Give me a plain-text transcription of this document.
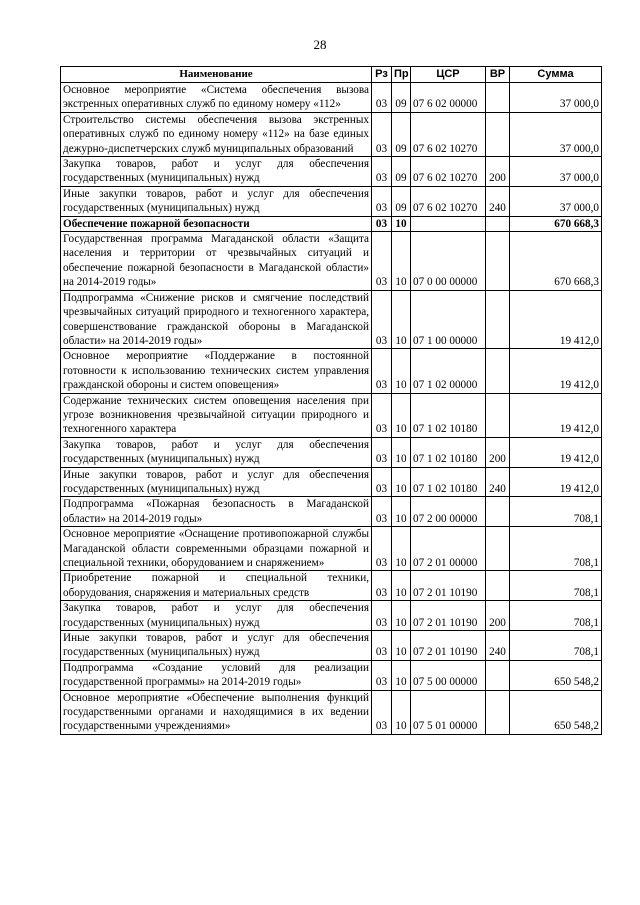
28
Наименование	Рз	Пр	ЦСР	ВР	Сумма
Основное мероприятие «Система обеспечения вызова экстренных оперативных служб по единому номеру «112»	03	09	07 6 02 00000		37 000,0
Строительство системы обеспечения вызова экстренных оперативных служб по единому номеру «112» на базе единых дежурно-диспетчерских служб муниципальных образований	03	09	07 6 02 10270		37 000,0
Закупка товаров, работ и услуг для обеспечения государственных (муниципальных) нужд	03	09	07 6 02 10270	200	37 000,0
Иные закупки товаров, работ и услуг для обеспечения государственных (муниципальных) нужд	03	09	07 6 02 10270	240	37 000,0
Обеспечение пожарной безопасности	03	10			670 668,3
Государственная программа Магаданской области «Защита населения и территории от чрезвычайных ситуаций и обеспечение пожарной безопасности в Магаданской области» на 2014-2019 годы»	03	10	07 0 00 00000		670 668,3
Подпрограмма «Снижение рисков и смягчение последствий чрезвычайных ситуаций природного и техногенного характера, совершенствование гражданской обороны в Магаданской области» на 2014-2019 годы»	03	10	07 1 00 00000		19 412,0
Основное мероприятие «Поддержание в постоянной готовности к использованию технических систем управления гражданской обороны и систем оповещения»	03	10	07 1 02 00000		19 412,0
Содержание технических систем оповещения населения при угрозе возникновения чрезвычайной ситуации природного и техногенного характера	03	10	07 1 02 10180		19 412,0
Закупка товаров, работ и услуг для обеспечения государственных (муниципальных) нужд	03	10	07 1 02 10180	200	19 412,0
Иные закупки товаров, работ и услуг для обеспечения государственных (муниципальных) нужд	03	10	07 1 02 10180	240	19 412,0
Подпрограмма «Пожарная безопасность в Магаданской области» на 2014-2019 годы»	03	10	07 2 00 00000		708,1
Основное мероприятие «Оснащение противопожарной службы Магаданской области современными образцами пожарной и специальной техники, оборудованием и снаряжением»	03	10	07 2 01 00000		708,1
Приобретение пожарной и специальной техники, оборудования, снаряжения и материальных средств	03	10	07 2 01 10190		708,1
Закупка товаров, работ и услуг для обеспечения государственных (муниципальных) нужд	03	10	07 2 01 10190	200	708,1
Иные закупки товаров, работ и услуг для обеспечения государственных (муниципальных) нужд	03	10	07 2 01 10190	240	708,1
Подпрограмма «Создание условий для реализации государственной программы» на 2014-2019 годы»	03	10	07 5 00 00000		650 548,2
Основное мероприятие «Обеспечение выполнения функций государственными органами и находящимися в их ведении государственными учреждениями»	03	10	07 5 01 00000		650 548,2
